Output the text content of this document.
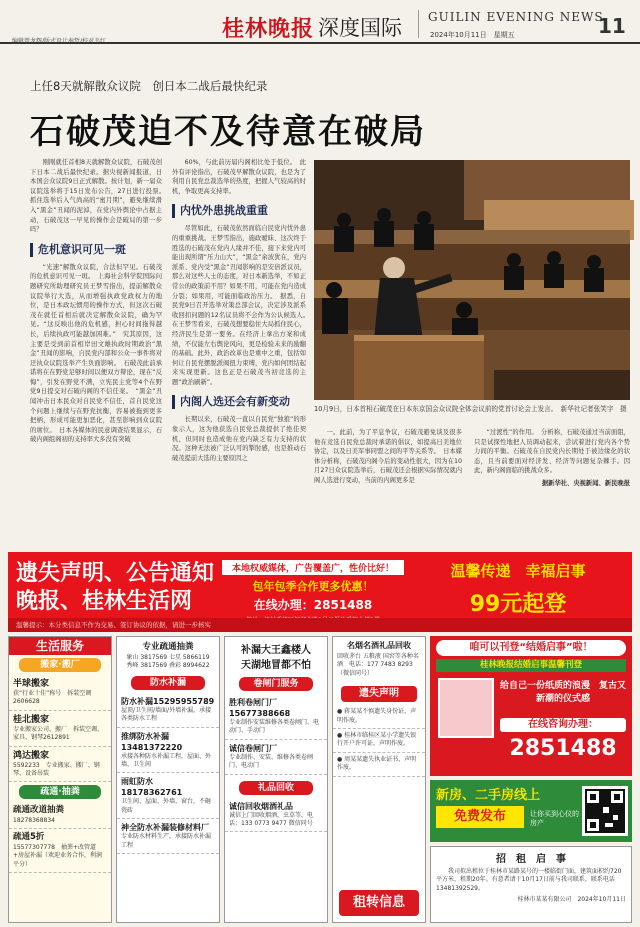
编辑曾龙辉/版式设计秦哲/校对韦红	桂林晚报 深度国际 GUILIN EVENING NEWS
2024年10月11日　星期五	11
上任8天就解散众议院　创日本二战后最快纪录
石破茂迫不及待意在破局

刚刚就任首相8天就解散众议院，石破茂创下日本二战后最快纪录。据央视新闻报道，日本国会众议院9日正式解散。按计划，新一届众议院选举将于15日发布公告，27日进行投票。　抓住选举后入气尚高的“蜜月期”，避免继续滑入“黑金”丑闻的泥淖，在党内外舆论中占据主动，石破茂这一早见的操作会是破局的第一步吗？

危机意识可见一斑

“光速”解散众议院，合法但罕见。石破茂的危机意识可见一斑。　上海社会科学院国际问题研究所助理研究员王梦雪指出，提前解散众议院举行大选，从而增强执政党政权力的地位，是日本政坛惯用的操作方式，但这次石破茂在就任首相后就决定解散众议院，确为罕见。“这反映出他的危机感，担心时间拖得越长，后续执政可能越加困难。”　究其原因，这主要是受到前首相岸田文雄执政时期政治“黑金”丑闻的影响，自民党内部和公众一事件将对迂执众议院选举产生负面影响。　石破茂此前承诺将在在野党足够时间以便双方辩论，现在“反悔”，引发在野党不满，立宪民主党等4个在野党9日提交对石破内阁的不信任案。　“黑金”丑闻冲击日本民众对自民党不信任，首自民党这个问题上继续与在野党抗衡，容易被拖到更多把柄，形成可能更加恶化，甚至影响到众议院的席位。　日本各媒体的民意调查结果显示，石破内阁组阁初的支持率大多没有突破

60%，与此前历届内阁相比处于低位。　此外有评论指出，石破茂早解散众议院，也是为了利用自民党总裁选举的热度，把握人气较高的时机，争取更高支持率。

内忧外患挑战重重

尽管如此，石破茂依然面临自民党内忧外患的重重挑战。王梦雪指出，施政暧昧、这次终于胜选的石破茂在党内人缘并不佳，接下来党内可能出现所谓“压力山大”，“黑金”余波犹在，党内派系、党内受“黑金”丑闻影响的是安倍派议员，那么对这些人士的态度，对日本新选举，不如正常公的政策前不用？如果不用，可能在党内造成分裂；如果用，可能面临政治压力。　据悉，自民党9日召开选举对策总部会议，决定涉及派系收回扣问题的12名议员将不会作为公认候选人。　在王梦雪看来，石破茂想要稳住大局抓住民心，经济民生是第一要务。在经济上拿出方案和成绩，不仅能左右舆论风向，更是检验未来的励翻的基础。此外，政治改革也是重中之重，包括如何让自民党摆脱派阀扭力束缚，党内如何团结起来实现更新。这也正是石破茂当初竞选的主题“政治刷新”。

内阁人选还会有新变动

长期以来，石破茂一直以自民党“独狼”的形象示人，这为他获选自民党总裁提供了绝佳契机，但同时也造成他在党内缺乏有力支持的状况。这种无法被广泛认可的掣肘感，也是推动石破茂提前大选的主要原因之

10月9日，日本首相石破茂在日本东京国会众议院全体会议前的党首讨论会上发言。　新华社记者张笑宇　摄

一。此前，为了平息争议，石破茂避免谈及很多他在竞选自民党总裁时承诺的倡议，如提高日美地位协定，以及日美军事同盟之间的平等关系等。　日本媒体分析称，石破茂内阁今后的变动性很大，因为在10月27日众议院选举后，石破茂还会根据实际情况就内阁人选进行变动，当前的内阁更多是

“过渡性”的作用。　分析称，石破茂通过当前面阻，只是试探性地把人员调动起来，尝试着进行党内各个势力间的平衡。石破茂在自民党内长期处于被边缘化的状态，且当前要面对经济发、经济等问题复杂棘手。因此，新内阁面临的挑战众多。

据新华社、央视新闻、新民晚报

遗失声明、公告通知
晚报、桂林生活网
本地权威媒体，广告覆盖广，性价比好！
包年包季合作更多优惠！
在线办理：2851488
温馨传递　幸福启事
99元起登
温馨提示：本分类信息不作为交易、签订协议的依据，请进一步核实
生活服务
搬家·搬厂
半球搬家
获“行业十佳”称号　拆装空调2606628
桂北搬家
专业搬家公司、搬厂　拆装空调、家具、钢琴2612891
鸿达搬家
5592233　专业搬家、搬厂、钢琴、设备吊装
疏通·抽粪
疏通改道抽粪
18278368834
疏通5折
15577307778　抽粪+改管道+房屋补漏（欢迎业务合作，利润平分）
专业疏通抽粪
象山 3817569 七星 5866119　秀峰 3817569 叠彩 8994622
防水补漏
防水补漏15295955789
屋顶/卫生间/墙面/外墙补漏，承接各类防水工程
推绑防水补漏 13481372220
承接各种防水补漏工程，屋面、外墙、卫生间
雨虹防水 18178362761
卫生间、屋面、外墙、窗台，不砸瓷砖
神全防水补漏装修材料厂
专业防水材料生产，承接防水补漏工程
补漏大王鑫楼人
天湖地冒都不怕
卷闸门服务
胜利卷闸门厂 15677388668
专业制作安装维修各类卷闸门、电动门、手动门
诚信卷闸门厂
专业制作、安装、维修各类卷闸门、电动门
礼品回收
诚信回收烟酒礼品
诚信上门回收烟酒、虫草等，电话：133 0773 9477 微信同号
名烟名酒礼品回收
回收茅台 五粮液 国窖等各种名酒　电话：177 7483 8293（微信同号）
遗失声明
● 蒋某某不慎遗失身份证，声明作废。
● 桂林市临桂区某小学遗失银行开户许可证，声明作废。
● 周某某遗失执业证书，声明作废。
租转信息
咱可以刊登“结婚启事”啦！
桂林晚报结婚启事温馨刊登
给自己一份纸质的浪漫　复古又新潮的仪式感
在线咨询办理：
2851488
新房、二手房线上
免费发布	让你买到心仪的房产
招　租　启　事
我司拟出租位于桂林市某路某号的一楼临街门面，建筑面积约720平方米，租期20年。有意者请于10月17日前与我司联系，联系电话13481392529。
桂林市某某有限公司　2024年10月11日
